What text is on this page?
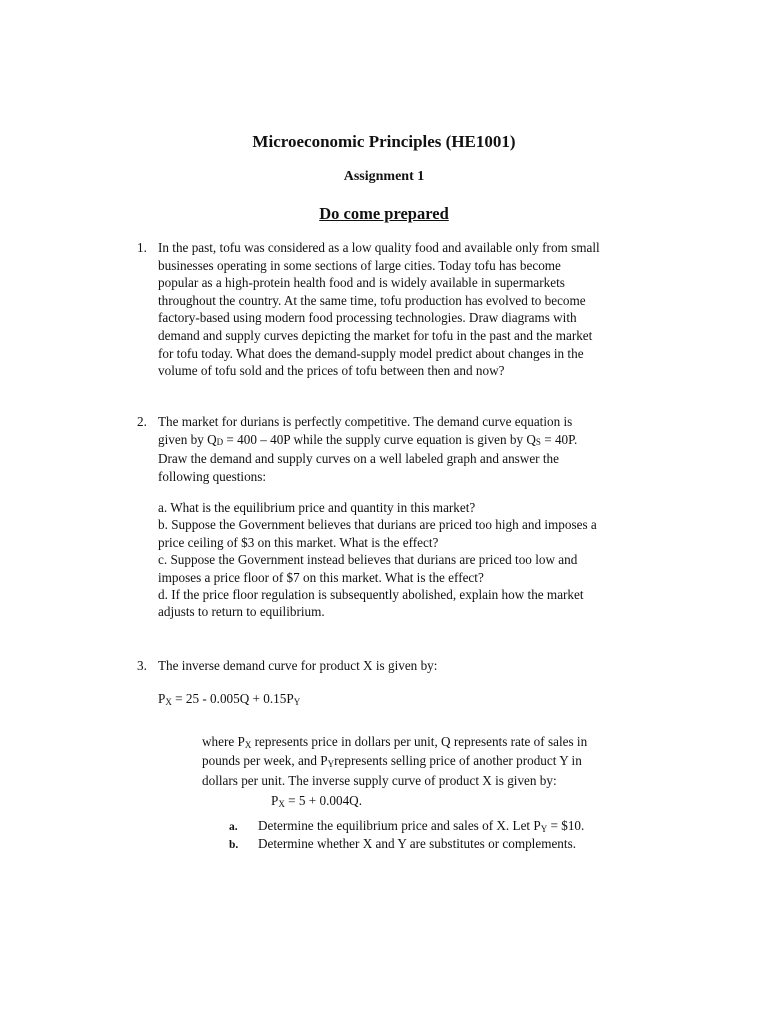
Microeconomic Principles (HE1001)
Assignment 1
Do come prepared
1. In the past, tofu was considered as a low quality food and available only from small
businesses operating in some sections of large cities. Today tofu has become
popular as a high-protein health food and is widely available in supermarkets
throughout the country. At the same time, tofu production has evolved to become
factory-based using modern food processing technologies. Draw diagrams with
demand and supply curves depicting the market for tofu in the past and the market
for tofu today. What does the demand-supply model predict about changes in the
volume of tofu sold and the prices of tofu between then and now?
2. The market for durians is perfectly competitive. The demand curve equation is
given by QD = 400 – 40P while the supply curve equation is given by QS = 40P.
Draw the demand and supply curves on a well labeled graph and answer the
following questions:
a. What is the equilibrium price and quantity in this market?
b. Suppose the Government believes that durians are priced too high and imposes a
price ceiling of $3 on this market. What is the effect?
c. Suppose the Government instead believes that durians are priced too low and
imposes a price floor of $7 on this market. What is the effect?
d. If the price floor regulation is subsequently abolished, explain how the market
adjusts to return to equilibrium.
3. The inverse demand curve for product X is given by:
PX = 25 - 0.005Q + 0.15PY
where PX represents price in dollars per unit, Q represents rate of sales in
pounds per week, and PYrepresents selling price of another product Y in
dollars per unit. The inverse supply curve of product X is given by:
PX = 5 + 0.004Q.
a. Determine the equilibrium price and sales of X. Let PY = $10.
b. Determine whether X and Y are substitutes or complements.
